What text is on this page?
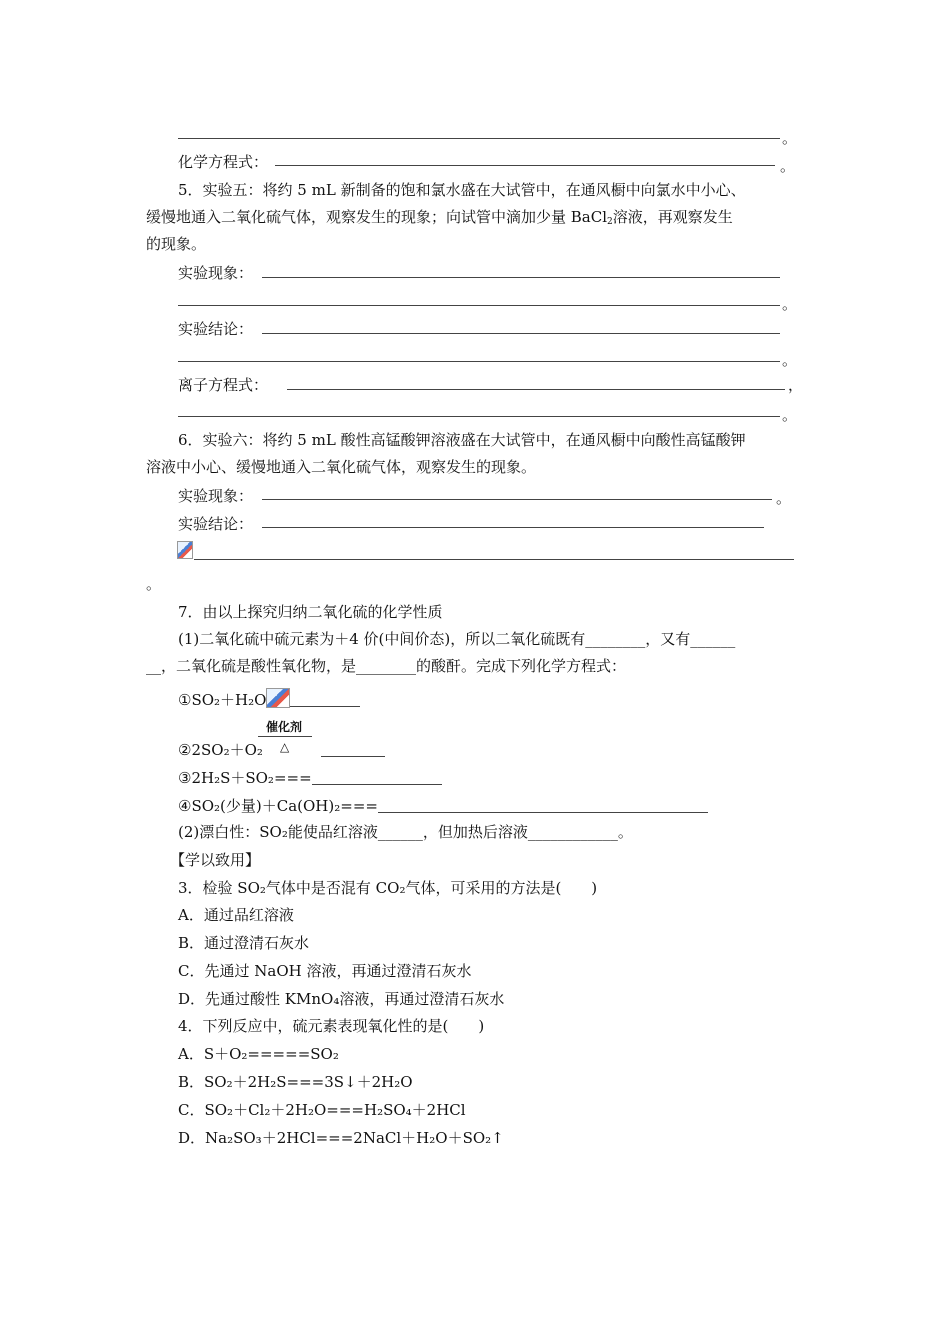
。
化学方程式：	。
5．实验五：将约 5 mL 新制备的饱和氯水盛在大试管中，在通风橱中向氯水中小心、
缓慢地通入二氧化硫气体，观察发生的现象；向试管中滴加少量 BaCl$_2$溶液，再观察发生
的现象。
实验现象：
。
实验结论：
。
离子方程式：	，
。
6．实验六：将约 5 mL 酸性高锰酸钾溶液盛在大试管中，在通风橱中向酸性高锰酸钾
溶液中小心、缓慢地通入二氧化硫气体，观察发生的现象。
实验现象：	。
实验结论：
。
7．由以上探究归纳二氧化硫的化学性质
(1)二氧化硫中硫元素为＋4 价(中间价态)，所以二氧化硫既有________，又有______
__，二氧化硫是酸性氧化物，是________的酸酐。完成下列化学方程式：
①SO₂＋H₂O
催化剂
△
②2SO₂＋O₂
③2H₂S＋SO₂===
④SO₂(少量)＋Ca(OH)₂===
(2)漂白性：SO₂能使品红溶液______，但加热后溶液____________。
【学以致用】
3．检验 SO₂气体中是否混有 CO₂气体，可采用的方法是(　　)
A．通过品红溶液
B．通过澄清石灰水
C．先通过 NaOH 溶液，再通过澄清石灰水
D．先通过酸性 KMnO₄溶液，再通过澄清石灰水
4．下列反应中，硫元素表现氧化性的是(　　)
A．S＋O₂=====SO₂
B．SO₂＋2H₂S===3S↓＋2H₂O
C．SO₂＋Cl₂＋2H₂O===H₂SO₄＋2HCl
D．Na₂SO₃＋2HCl===2NaCl＋H₂O＋SO₂↑
